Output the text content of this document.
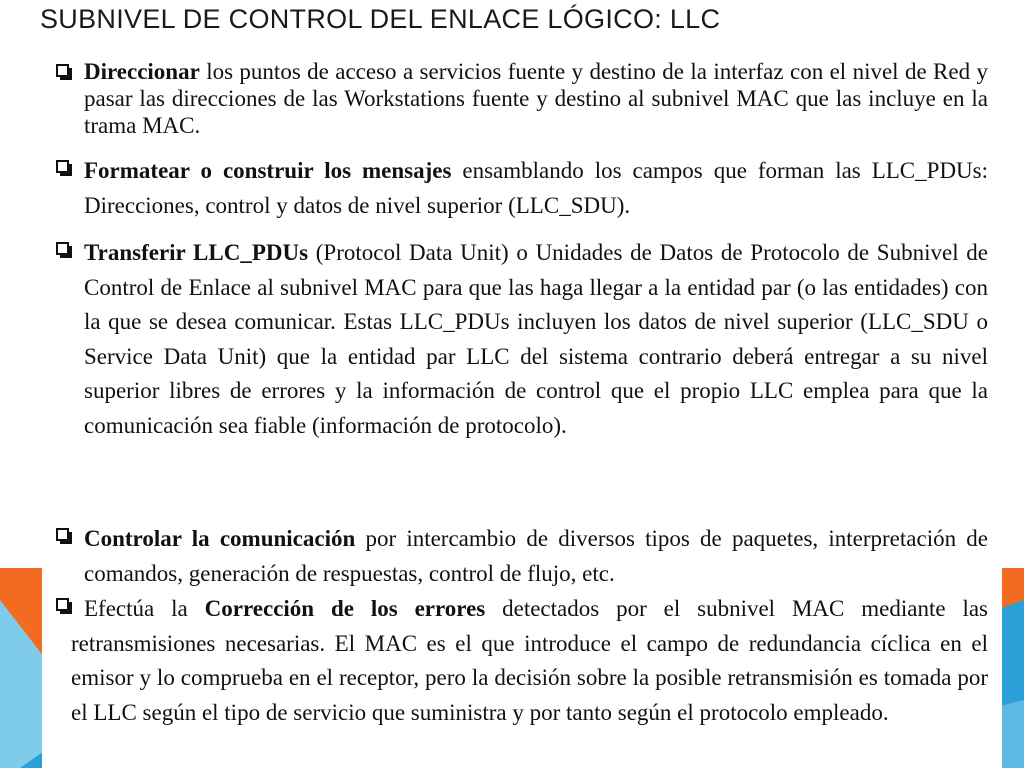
SUBNIVEL DE CONTROL DEL ENLACE LÓGICO: LLC

Direccionar los puntos de acceso a servicios fuente y destino de la interfaz con el nivel de Red y pasar las direcciones de las Workstations fuente y destino al subnivel MAC que las incluye en la trama MAC.

Formatear o construir los mensajes ensamblando los campos que forman las LLC_PDUs: Direcciones, control y datos de nivel superior (LLC_SDU).

Transferir LLC_PDUs (Protocol Data Unit) o Unidades de Datos de Protocolo de Subnivel de Control de Enlace al subnivel MAC para que las haga llegar a la entidad par (o las entidades) con la que se desea comunicar. Estas LLC_PDUs incluyen los datos de nivel superior (LLC_SDU o Service Data Unit) que la entidad par LLC del sistema contrario deberá entregar a su nivel superior libres de errores y la información de control que el propio LLC emplea para que la comunicación sea fiable (información de protocolo).

Controlar la comunicación por intercambio de diversos tipos de paquetes, interpretación de comandos, generación de respuestas, control de flujo, etc.

Efectúa la Corrección de los errores detectados por el subnivel MAC mediante las retransmisiones necesarias. El MAC es el que introduce el campo de redundancia cíclica en el emisor y lo comprueba en el receptor, pero la decisión sobre la posible retransmisión es tomada por el LLC según el tipo de servicio que suministra y por tanto según el protocolo empleado.
